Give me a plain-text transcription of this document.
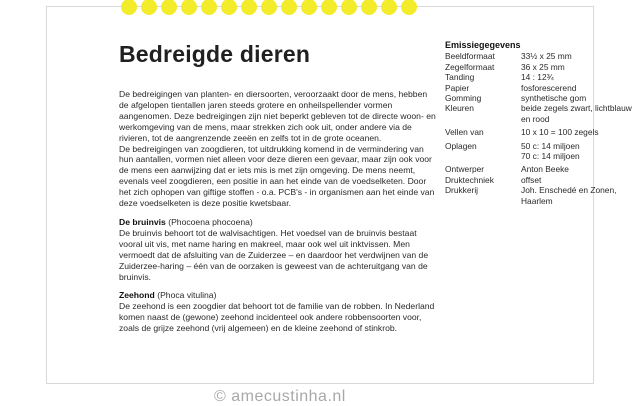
Bedreigde dieren

De bedreigingen van planten- en diersoorten, veroorzaakt door de mens, hebben de afgelopen tientallen jaren steeds grotere en onheilspellender vormen aangenomen. Deze bedreigingen zijn niet beperkt gebleven tot de directe woon- en werkomgeving van de mens, maar strekken zich ook uit, onder andere via de rivieren, tot de aangrenzende zeeën en zelfs tot in de grote oceanen.

De bedreigingen van zoogdieren, tot uitdrukking komend in de vermindering van hun aantallen, vormen niet alleen voor deze dieren een gevaar, maar zijn ook voor de mens een aanwijzing dat er iets mis is met zijn omgeving. De mens neemt, evenals veel zoogdieren, een positie in aan het einde van de voedselketen. Door het zich ophopen van giftige stoffen - o.a. PCB's - in organismen aan het einde van deze voedselketen is deze positie kwetsbaar.

De bruinvis (Phocoena phocoena)

De bruinvis behoort tot de walvisachtigen. Het voedsel van de bruinvis bestaat vooral uit vis, met name haring en makreel, maar ook wel uit inktvissen. Men vermoedt dat de afsluiting van de Zuiderzee – en daardoor het verdwijnen van de Zuiderzee-haring – één van de oorzaken is geweest van de achteruitgang van de bruinvis.

Zeehond (Phoca vitulina)

De zeehond is een zoogdier dat behoort tot de familie van de robben. In Nederland komen naast de (gewone) zeehond incidenteel ook andere robbensoorten voor, zoals de grijze zeehond (vrij algemeen) en de kleine zeehond of stinkrob.

Emissiegegevens
Beeldformaat	33½ x 25 mm
Zegelformaat	36 x 25 mm
Tanding	14 : 12¾
Papier	fosforescerend
Gomming	synthetische gom
Kleuren	beide zegels zwart, lichtblauw en rood
Vellen van	10 x 10 = 100 zegels
Oplagen	50 c: 14 miljoen
70 c: 14 miljoen
Ontwerper	Anton Beeke
Druktechniek	offset
Drukkerij	Joh. Enschedé en Zonen, Haarlem
© amecustinha.nl
